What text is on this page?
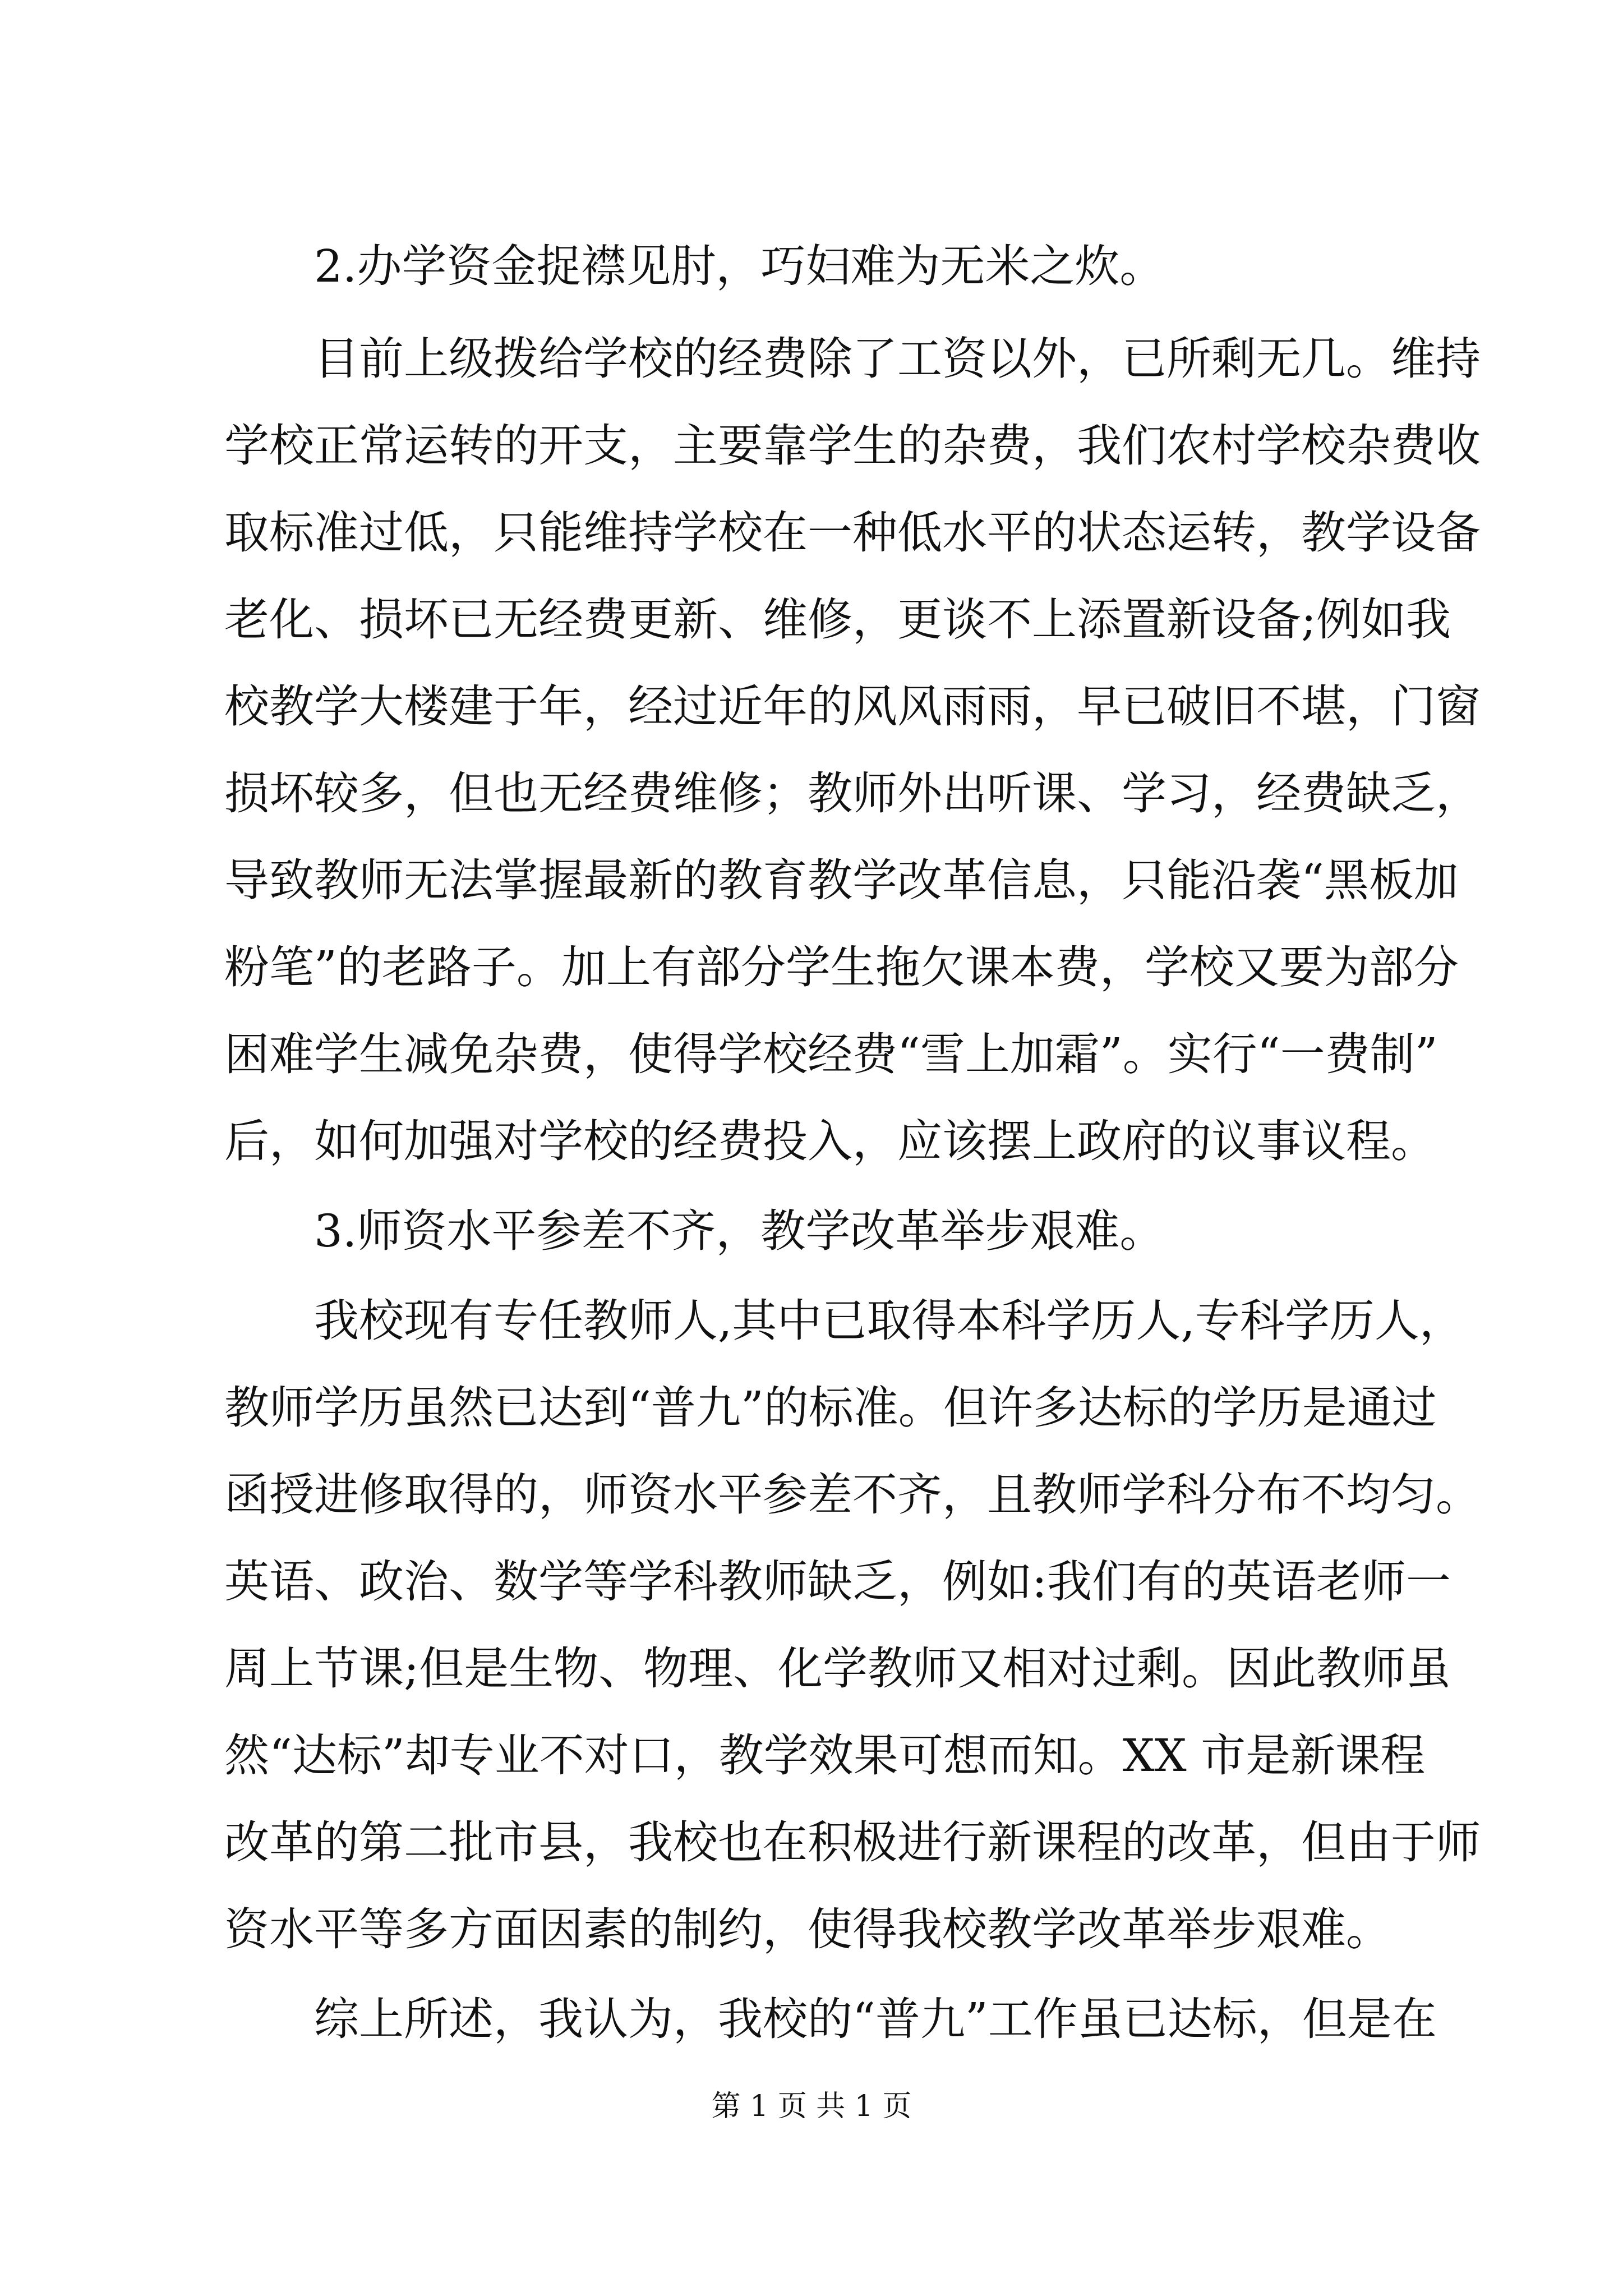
2.办学资金捉襟见肘，巧妇难为无米之炊。
目前上级拨给学校的经费除了工资以外，已所剩无几。维持
学校正常运转的开支，主要靠学生的杂费，我们农村学校杂费收
取标准过低，只能维持学校在一种低水平的状态运转，教学设备
老化、损坏已无经费更新、维修，更谈不上添置新设备;例如我
校教学大楼建于年，经过近年的风风雨雨，早已破旧不堪，门窗
损坏较多，但也无经费维修；教师外出听课、学习，经费缺乏，
导致教师无法掌握最新的教育教学改革信息，只能沿袭“黑板加
粉笔”的老路子。加上有部分学生拖欠课本费，学校又要为部分
困难学生减免杂费，使得学校经费“雪上加霜”。实行“一费制”
后，如何加强对学校的经费投入，应该摆上政府的议事议程。
3.师资水平参差不齐，教学改革举步艰难。
我校现有专任教师人,其中已取得本科学历人,专科学历人，
教师学历虽然已达到“普九”的标准。但许多达标的学历是通过
函授进修取得的，师资水平参差不齐，且教师学科分布不均匀。
英语、政治、数学等学科教师缺乏，例如:我们有的英语老师一
周上节课;但是生物、物理、化学教师又相对过剩。因此教师虽
然“达标”却专业不对口，教学效果可想而知。XX 市是新课程
改革的第二批市县，我校也在积极进行新课程的改革，但由于师
资水平等多方面因素的制约，使得我校教学改革举步艰难。
综上所述，我认为，我校的“普九”工作虽已达标，但是在
第 1 页 共 1 页
